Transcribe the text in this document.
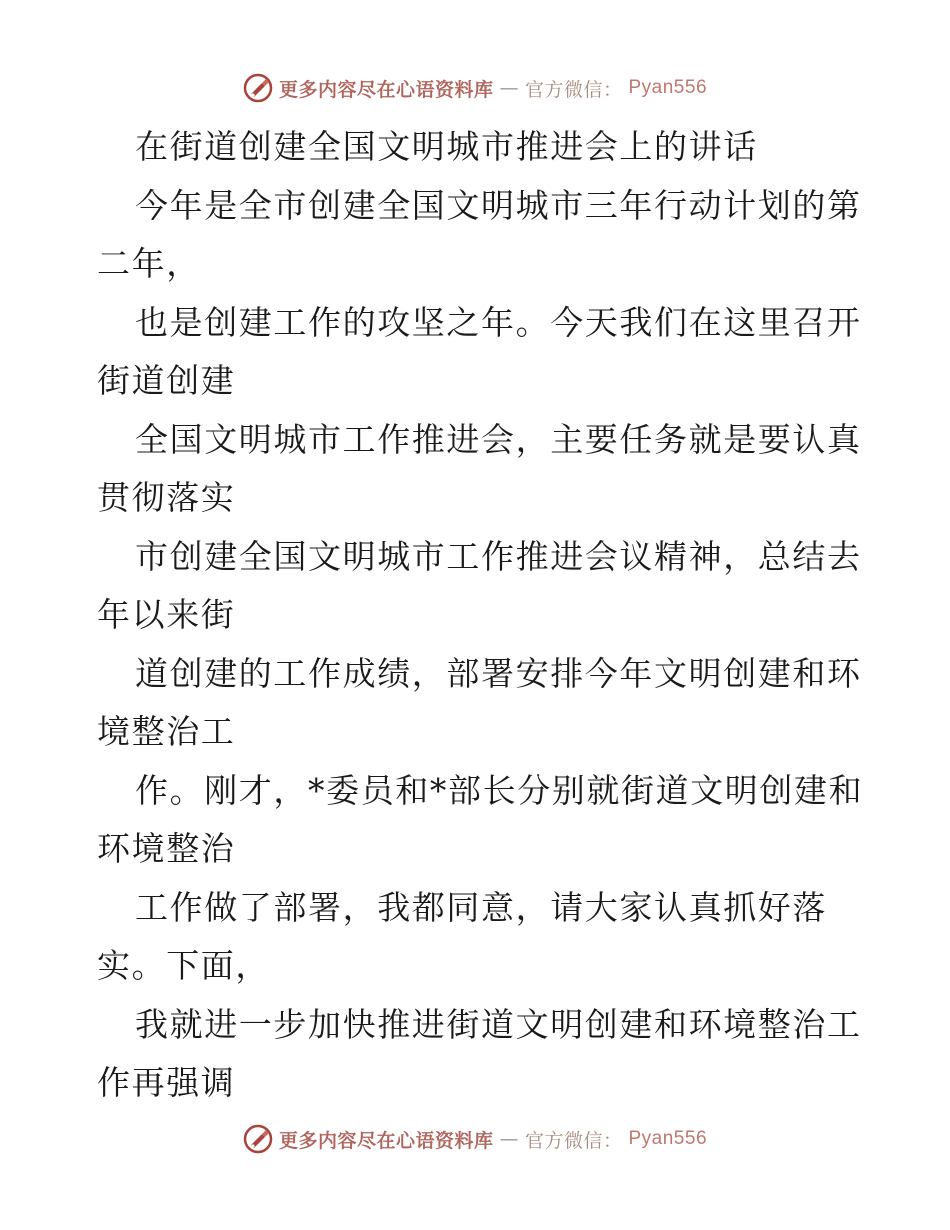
更多内容尽在心语资料库 — 官方微信： Pyan556
在街道创建全国文明城市推进会上的讲话
今年是全市创建全国文明城市三年行动计划的第
二年，
也是创建工作的攻坚之年。今天我们在这里召开
街道创建
全国文明城市工作推进会，主要任务就是要认真
贯彻落实
市创建全国文明城市工作推进会议精神，总结去
年以来街
道创建的工作成绩，部署安排今年文明创建和环
境整治工
作。刚才，*委员和*部长分别就街道文明创建和
环境整治
工作做了部署，我都同意，请大家认真抓好落
实。下面，
我就进一步加快推进街道文明创建和环境整治工
作再强调
更多内容尽在心语资料库 — 官方微信： Pyan556
